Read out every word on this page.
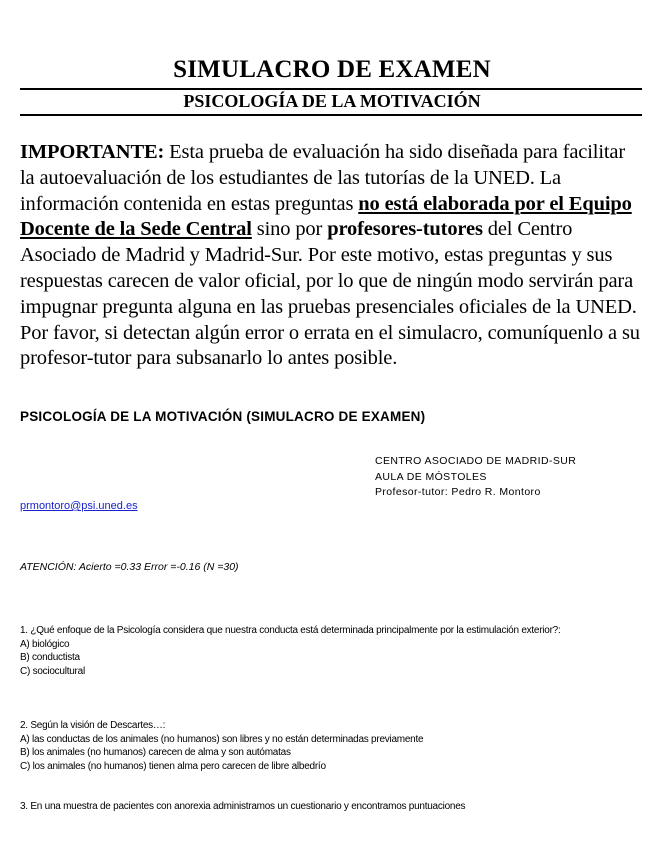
SIMULACRO DE EXAMEN
PSICOLOGÍA DE LA MOTIVACIÓN
IMPORTANTE: Esta prueba de evaluación ha sido diseñada para facilitar la autoevaluación de los estudiantes de las tutorías de la UNED. La información contenida en estas preguntas no está elaborada por el Equipo Docente de la Sede Central sino por profesores-tutores del Centro Asociado de Madrid y Madrid-Sur. Por este motivo, estas preguntas y sus respuestas carecen de valor oficial, por lo que de ningún modo servirán para impugnar pregunta alguna en las pruebas presenciales oficiales de la UNED. Por favor, si detectan algún error o errata en el simulacro, comuníquenlo a su profesor-tutor para subsanarlo lo antes posible.
PSICOLOGÍA DE LA MOTIVACIÓN (SIMULACRO DE EXAMEN)
CENTRO ASOCIADO DE MADRID-SUR
AULA DE MÓSTOLES
Profesor-tutor: Pedro R. Montoro
prmontoro@psi.uned.es
ATENCIÓN: Acierto =0.33 Error =-0.16 (N =30)
1. ¿Qué enfoque de la Psicología considera que nuestra conducta está determinada principalmente por la estimulación exterior?:
A) biológico
B) conductista
C) sociocultural
2. Según la visión de Descartes…:
A) las conductas de los animales (no humanos) son libres y no están determinadas previamente
B) los animales (no humanos) carecen de alma y son autómatas
C) los animales (no humanos) tienen alma pero carecen de libre albedrío
3. En una muestra de pacientes con anorexia administramos un cuestionario y encontramos puntuaciones
